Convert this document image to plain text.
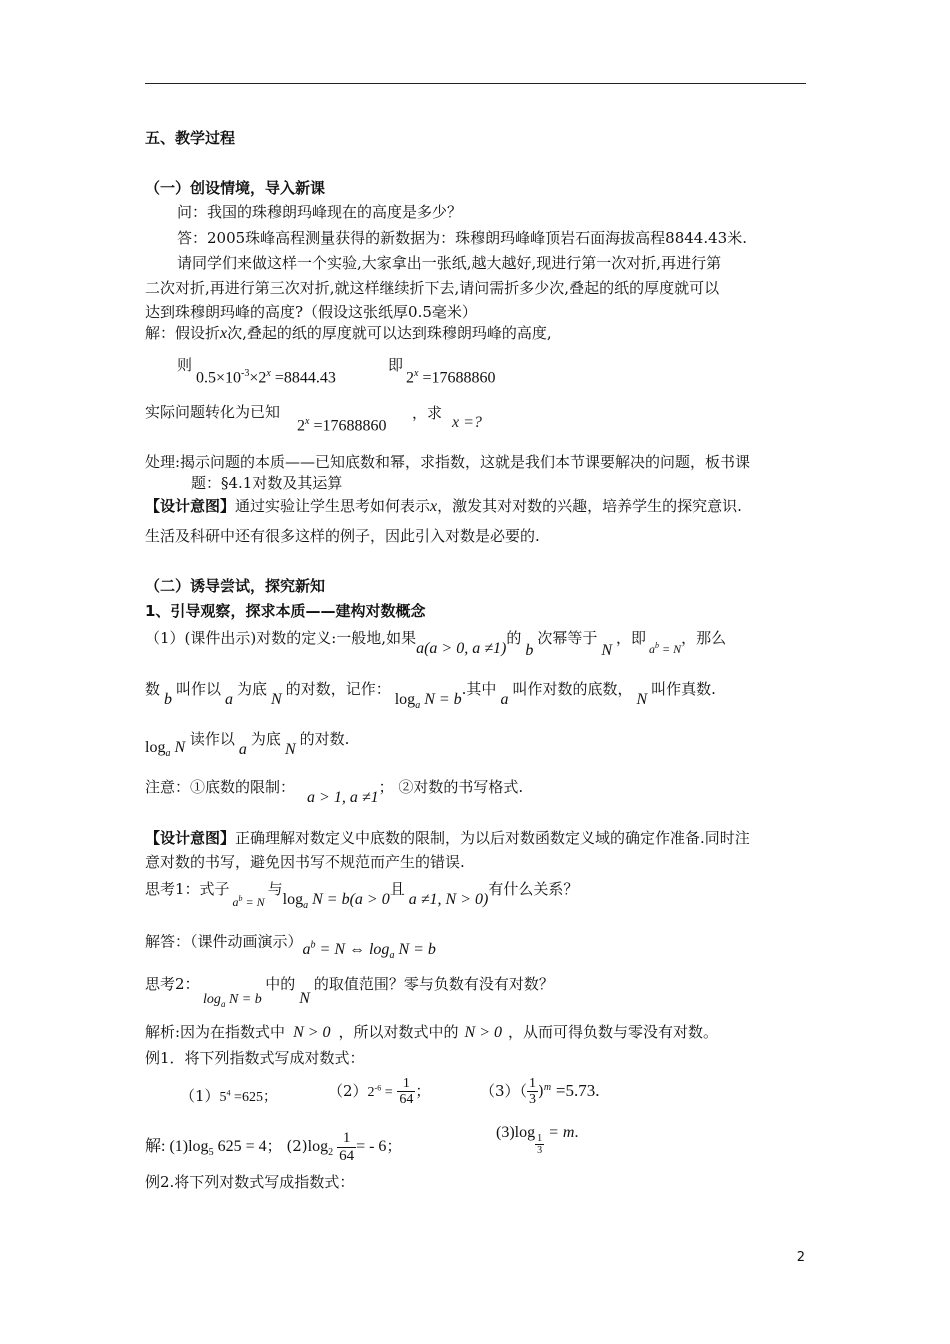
五、教学过程
（一）创设情境，导入新课
问：我国的珠穆朗玛峰现在的高度是多少？
答：2005珠峰高程测量获得的新数据为：珠穆朗玛峰峰顶岩石面海拔高程8844.43米.
请同学们来做这样一个实验,大家拿出一张纸,越大越好,现进行第一次对折,再进行第
二次对折,再进行第三次对折,就这样继续折下去,请问需折多少次,叠起的纸的厚度就可以
达到珠穆朗玛峰的高度?（假设这张纸厚0.5毫米）
解：假设折x次,叠起的纸的厚度就可以达到珠穆朗玛峰的高度,
则
$0.5\times 10^{-3}\times 2^x =8844.43$
即
$2^x =17688860$
实际问题转化为已知
$2^x =17688860$
，求
x =?
处理:揭示问题的本质——已知底数和幂，求指数，这就是我们本节课要解决的问题，板书课
题：§4.1对数及其运算
【设计意图】通过实验让学生思考如何表示x，激发其对对数的兴趣，培养学生的探究意识.
生活及科研中还有很多这样的例子，因此引入对数是必要的.
（二）诱导尝试，探究新知
1、引导观察，探求本质——建构对数概念
（1）(课件出示)对数的定义:一般地,如果a(a > 0, a ≠1)的 b 次幂等于 N ，即 $_{a^b = N}$，那么
数 b 叫作以 a 为底 N 的对数，记作： $\log_a N = b$.其中 a 叫作对数的底数， N 叫作真数.
$\log_a N$ 读作以 a 为底 N 的对数.
注意：①底数的限制：a > 1, a ≠1； ②对数的书写格式.
【设计意图】正确理解对数定义中底数的限制，为以后对数函数定义域的确定作准备.同时注
意对数的书写，避免因书写不规范而产生的错误.
思考1：式子 $_{a^b = N}$ 与$\log_a N = b(a > 0$且 a ≠1, N > 0)有什么关系？
解答：（课件动画演示）$a^b = N$ ⇔ $\log_a N = b$
思考2： $\log_a N = b$ 中的 N 的取值范围？零与负数有没有对数？
解析:因为在指数式中 N > 0 ，所以对数式中的 N > 0 ，从而可得负数与零没有对数。
例1．将下列指数式写成对数式：
$(1)5^4 =625$；	$(2)2^{-6} = \frac{1}{64}$ ；	$(3)( \frac{1}{3} )^m =5.73$.
解: $(1)\log_5$ 625 = 4； $(2)\log_2 \frac{1}{64}$ = - 6；
(3)log
$_{\frac{1}{3}}$
= m.
例2.将下列对数式写成指数式：
2
